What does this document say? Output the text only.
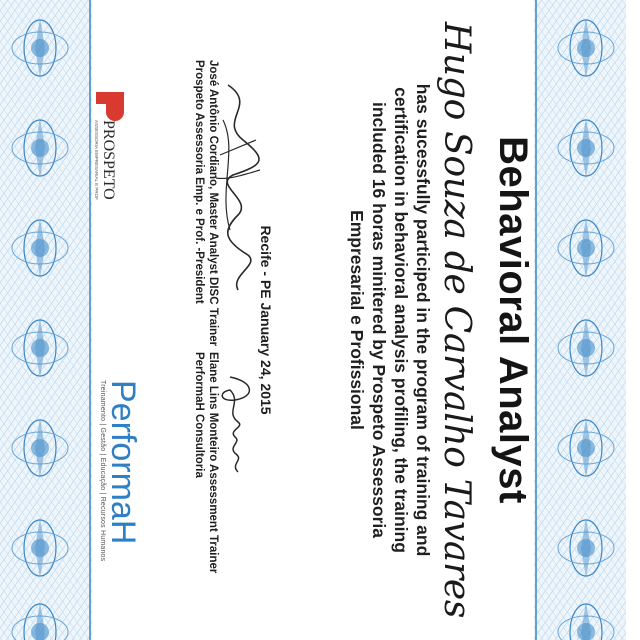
Behavioral Analyst
Hugo Souza de Carvalho Tavares
has sucessfully participed in the program of training and certification in behavioral analysis profiling, the training included 16 horas minitered by Prospeto Assessoria Empresarial e Profissional
Recife - PE January 24, 2015
José Antônio Cordiano, Master Analyst DISC Trainer
Prospeto Assessoria Emp. e Prof. -President
Elane Lins Monteiro Assessment Trainer
PerformaH Consultoria
PROSPETO
ASSESSORIA EMPRESARIAL E PROFISSIONAL
PerformaH
Treinamento | Gestão | Educação | Recursos Humanos
